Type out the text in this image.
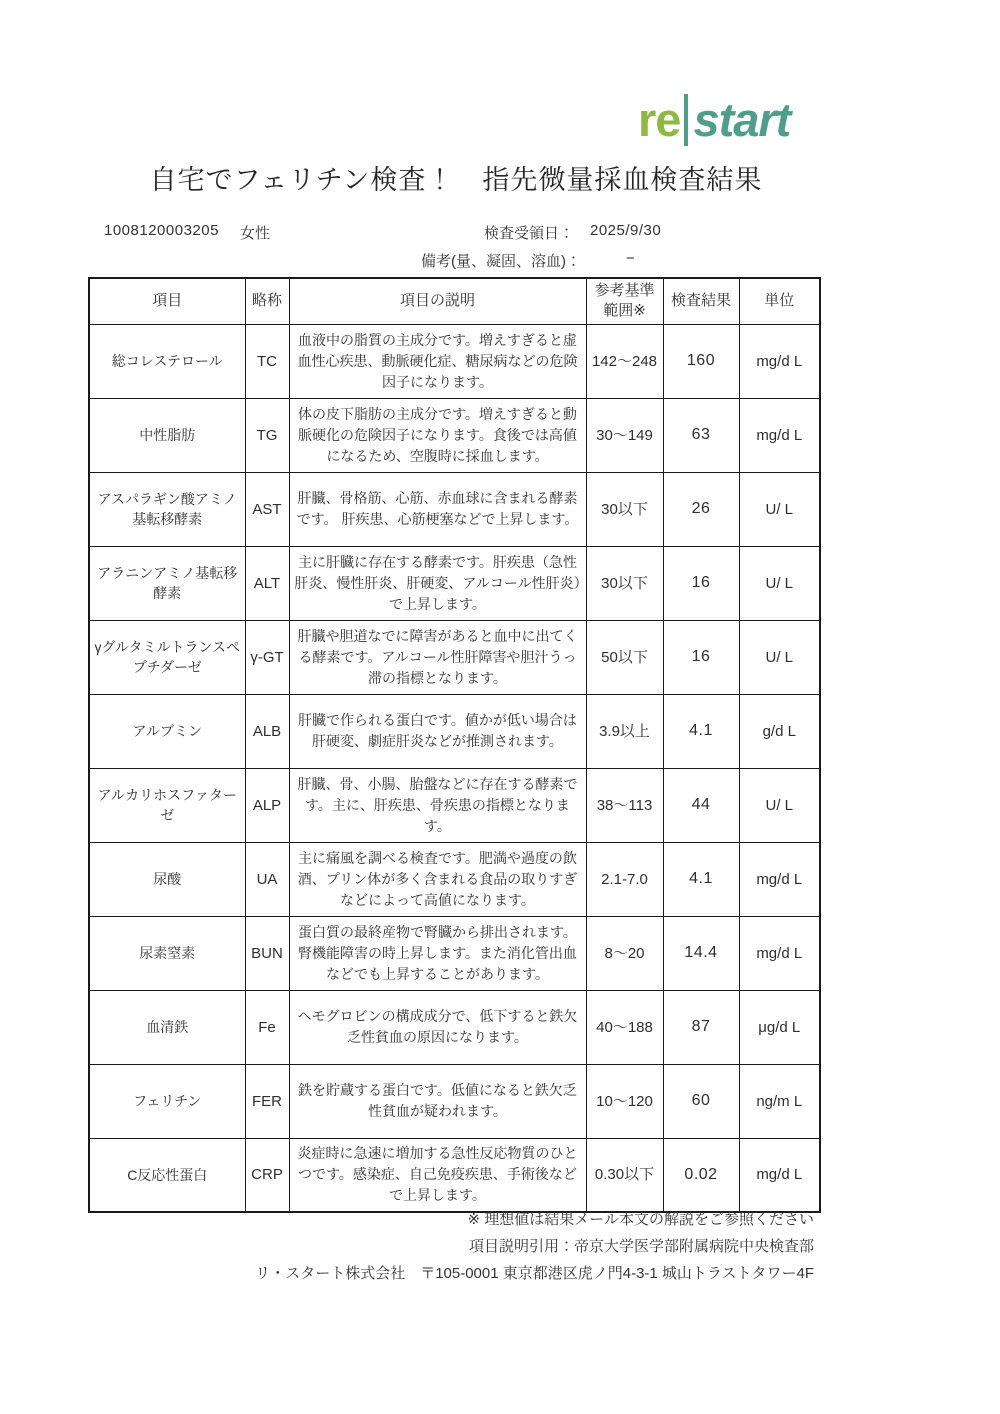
re start
自宅でフェリチン検査！　指先微量採血検査結果
1008120003205 女性	検査受領日： 2025/9/30
備考(量、凝固、溶血)：	−
項目	略称	項目の説明	参考基準範囲※	検査結果	単位
総コレステロール	TC	血液中の脂質の主成分です。増えすぎると虚血性心疾患、動脈硬化症、糖尿病などの危険因子になります。	142〜248	160	mg/d L
中性脂肪	TG	体の皮下脂肪の主成分です。増えすぎると動脈硬化の危険因子になります。食後では高値になるため、空腹時に採血します。	30〜149	63	mg/d L
アスパラギン酸アミノ基転移酵素	AST	肝臓、骨格筋、心筋、赤血球に含まれる酵素です。 肝疾患、心筋梗塞などで上昇します。	30以下	26	U/ L
アラニンアミノ基転移酵素	ALT	主に肝臓に存在する酵素です。肝疾患（急性肝炎、慢性肝炎、肝硬変、アルコール性肝炎）で上昇します。	30以下	16	U/ L
γグルタミルトランスペプチダーゼ	γ-GT	肝臓や胆道なでに障害があると血中に出てくる酵素です。アルコール性肝障害や胆汁うっ滞の指標となります。	50以下	16	U/ L
アルブミン	ALB	肝臓で作られる蛋白です。値かが低い場合は肝硬変、劇症肝炎などが推測されます。	3.9以上	4.1	g/d L
アルカリホスファターゼ	ALP	肝臓、骨、小腸、胎盤などに存在する酵素です。主に、肝疾患、骨疾患の指標となります。	38〜113	44	U/ L
尿酸	UA	主に痛風を調べる検査です。肥満や過度の飲酒、プリン体が多く含まれる食品の取りすぎなどによって高値になります。	2.1-7.0	4.1	mg/d L
尿素窒素	BUN	蛋白質の最終産物で腎臓から排出されます。腎機能障害の時上昇します。また消化管出血などでも上昇することがあります。	8〜20	14.4	mg/d L
血清鉄	Fe	ヘモグロビンの構成成分で、低下すると鉄欠乏性貧血の原因になります。	40〜188	87	μg/d L
フェリチン	FER	鉄を貯蔵する蛋白です。低値になると鉄欠乏性貧血が疑われます。	10〜120	60	ng/m L
C反応性蛋白	CRP	炎症時に急速に増加する急性反応物質のひとつです。感染症、自己免疫疾患、手術後などで上昇します。	0.30以下	0.02	mg/d L
※ 理想値は結果メール本文の解説をご参照ください
項目説明引用：帝京大学医学部附属病院中央検査部
リ・スタート株式会社　〒105-0001 東京都港区虎ノ門4-3-1 城山トラストタワー4F
